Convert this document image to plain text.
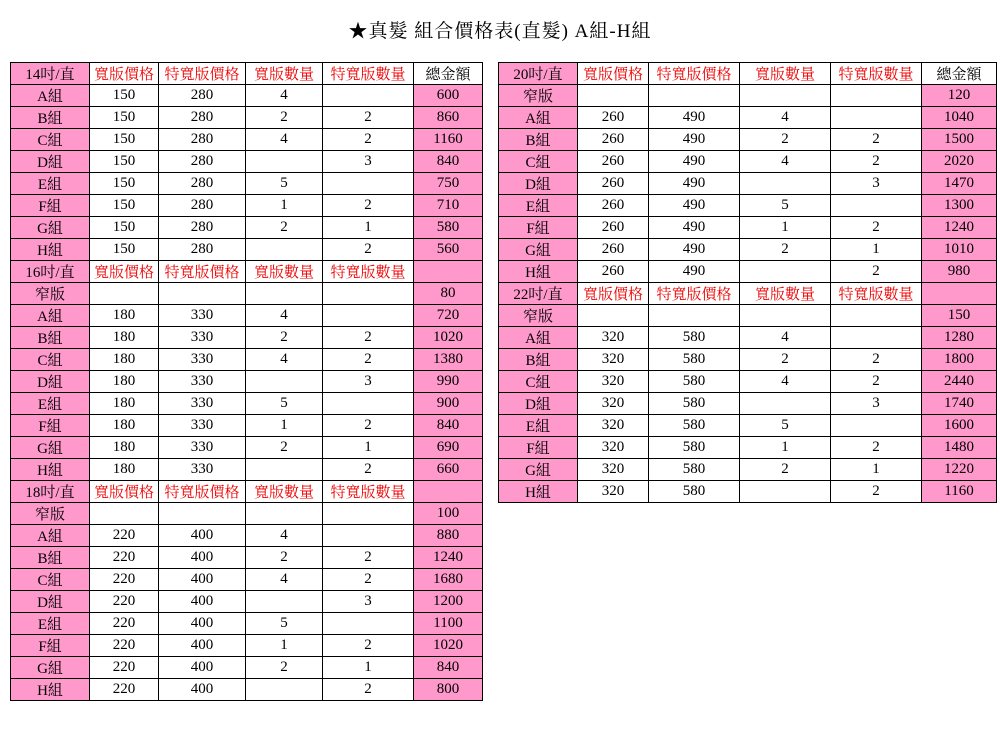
★真髮 組合價格表(直髮) A組-H組
14吋/直	寬版價格	特寬版價格	寬版數量	特寬版數量	總金額
A組	150	280	4		600
B組	150	280	2	2	860
C組	150	280	4	2	1160
D組	150	280		3	840
E組	150	280	5		750
F組	150	280	1	2	710
G組	150	280	2	1	580
H組	150	280		2	560
16吋/直	寬版價格	特寬版價格	寬版數量	特寬版數量	
窄版					80
A組	180	330	4		720
B組	180	330	2	2	1020
C組	180	330	4	2	1380
D組	180	330		3	990
E組	180	330	5		900
F組	180	330	1	2	840
G組	180	330	2	1	690
H組	180	330		2	660
18吋/直	寬版價格	特寬版價格	寬版數量	特寬版數量	
窄版					100
A組	220	400	4		880
B組	220	400	2	2	1240
C組	220	400	4	2	1680
D組	220	400		3	1200
E組	220	400	5		1100
F組	220	400	1	2	1020
G組	220	400	2	1	840
H組	220	400		2	800
20吋/直	寬版價格	特寬版價格	寬版數量	特寬版數量	總金額
窄版					120
A組	260	490	4		1040
B組	260	490	2	2	1500
C組	260	490	4	2	2020
D組	260	490		3	1470
E組	260	490	5		1300
F組	260	490	1	2	1240
G組	260	490	2	1	1010
H組	260	490		2	980
22吋/直	寬版價格	特寬版價格	寬版數量	特寬版數量	
窄版					150
A組	320	580	4		1280
B組	320	580	2	2	1800
C組	320	580	4	2	2440
D組	320	580		3	1740
E組	320	580	5		1600
F組	320	580	1	2	1480
G組	320	580	2	1	1220
H組	320	580		2	1160
